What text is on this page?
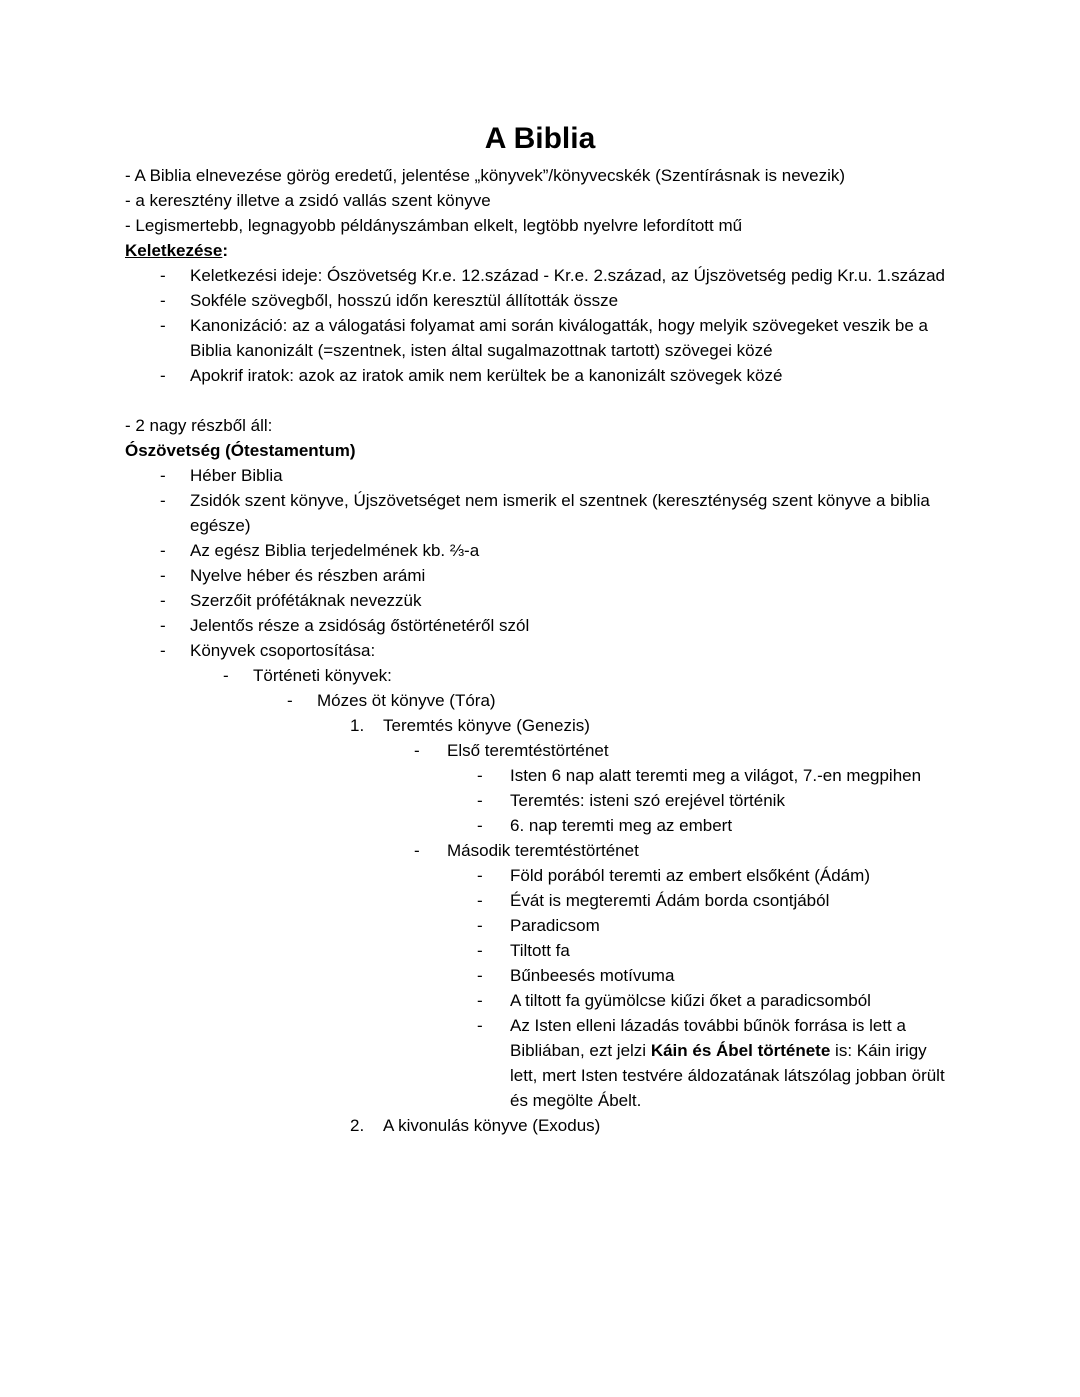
A Biblia
- A Biblia elnevezése görög eredetű, jelentése „könyvek”/könyvecskék (Szentírásnak is nevezik)
- a keresztény illetve a zsidó vallás szent könyve
- Legismertebb, legnagyobb példányszámban elkelt, legtöbb nyelvre lefordított mű
Keletkezése:
- Keletkezési ideje: Ószövetség Kr.e. 12.század - Kr.e. 2.század, az Újszövetség pedig Kr.u. 1.század
- Sokféle szövegből, hosszú időn keresztül állították össze
- Kanonizáció: az a válogatási folyamat ami során kiválogatták, hogy melyik szövegeket veszik be a Biblia kanonizált (=szentnek, isten által sugalmazottnak tartott) szövegei közé
- Apokrif iratok: azok az iratok amik nem kerültek be a kanonizált szövegek közé

- 2 nagy részből áll:
Ószövetség (Ótestamentum)
- Héber Biblia
- Zsidók szent könyve, Újszövetséget nem ismerik el szentnek (kereszténység szent könyve a biblia egésze)
- Az egész Biblia terjedelmének kb. ⅔-a
- Nyelve héber és részben arámi
- Szerzőit prófétáknak nevezzük
- Jelentős része a zsidóság őstörténetéről szól
- Könyvek csoportosítása:
- Történeti könyvek:
- Mózes öt könyve (Tóra)
1. Teremtés könyve (Genezis)
- Első teremtéstörténet
- Isten 6 nap alatt teremti meg a világot, 7.-en megpihen
- Teremtés: isteni szó erejével történik
- 6. nap teremti meg az embert
- Második teremtéstörténet
- Föld porából teremti az embert elsőként (Ádám)
- Évát is megteremti Ádám borda csontjából
- Paradicsom
- Tiltott fa
- Bűnbeesés motívuma
- A tiltott fa gyümölcse kiűzi őket a paradicsomból
- Az Isten elleni lázadás további bűnök forrása is lett a Bibliában, ezt jelzi Káin és Ábel története is: Káin irigy lett, mert Isten testvére áldozatának látszólag jobban örült és megölte Ábelt.
2. A kivonulás könyve (Exodus)
